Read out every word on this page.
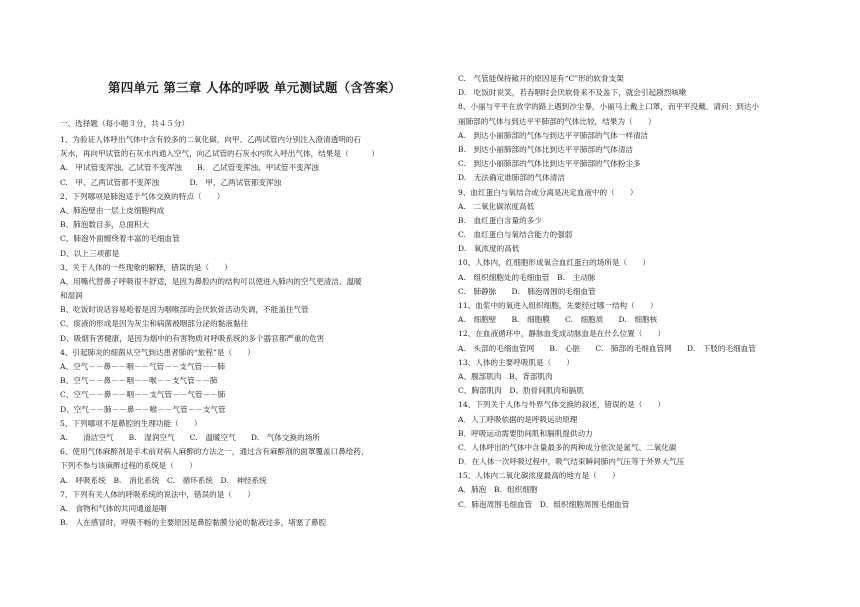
第四单元 第三章 人体的呼吸 单元测试题（含答案）
一、选择题（每小题３分，共４５分）
1、为验证人体呼出气体中含有较多的二氧化碳，向甲、乙两试管内分别注入澄清透明的石
灰水，再向甲试管的石灰水内通入空气，向乙试管的石灰水内吹入呼出气体，结果是（　　　）
A.　甲试管变浑浊、乙试管不变浑浊　　B.　乙试管变浑浊、甲试管不变浑浊
C.　甲、乙两试管都不变浑浊　　　　D.　甲、乙两试管都变浑浊
2、下列哪项是肺泡适于气体交换的特点（　　）
A、肺泡壁由一层上皮细胞构成
B、肺泡数目多，总面积大
C、肺泡外面缠绕着丰富的毛细血管
D、以上三项都是
3、关于人体的一些现象的解释，错误的是（　　）
A、用嘴代替鼻子呼吸很不舒适，是因为鼻腔内的结构可以使进入肺内的空气更清洁、温暖
和湿润
B、吃饭时说话容易呛着是因为咽喉部的会厌软骨活动失调，不能盖住气管
C、痰液的形成是因为灰尘和病菌被咽部分泌的黏液黏住
D、吸烟有害健康，是因为烟中的有害物质对呼吸系统的多个器官都严重的危害
4、引起肺炎的细菌从空气到达患者肺的“旅程”是（　　）
A、空气－－鼻－－咽－－气管－－支气管－－肺
B、空气－－鼻－－咽－－喉－－支气管－－肺
C、空气－－鼻－－咽－－支气管－－气管－－肺
D、空气－－肺－－鼻－－喉－－气管－－支气管
5、下列哪项不是鼻腔的生理功能（　　）
A.　　清洁空气　　B.　湿润空气　　C.　温暖空气　　D.　气体交换的场所
6、使用气体麻醉剂是手术前对病人麻醉的方法之一，通过含有麻醉剂的面罩覆盖口鼻给药，
下列不参与该麻醉过程的系统是（　　）
A.　呼吸系统　B.　消化系统　C.　循环系统　D.　神经系统
7、下列有关人体的呼吸系统的说法中，错误的是（　　）
A.　食物和气体的共同通道是咽
B.　人在感冒时，呼吸不畅的主要原因是鼻腔黏膜分泌的黏液过多，堵塞了鼻腔
C.　气管能保持敞开的原因是有“C”形的软骨支架
D.　吃饭时说笑，若吞咽时会厌软骨来不及盖下，就会引起剧烈咳嗽
8、小丽与平平在放学的路上遇到沙尘暴，小丽马上戴上口罩，而平平没戴．请问：到达小
丽肺部的气体与到达平平肺部的气体比较，结果为（　　）
A.　到达小丽肺部的气体与到达平平肺部的气体一样清洁
B.　到达小丽肺部的气体比到达平平肺部的气体清洁
C.　到达小丽肺部的气体比到达平平肺部的气体粉尘多
D.　无法确定谁肺部的气体清洁
9、血红蛋白与氧结合或分离是决定血液中的（　　）
A.　二氧化碳浓度高低
B.　血红蛋白含量的多少
C.　血红蛋白与氧结合能力的强弱
D.　氧浓度的高低
10、人体内，红细胞形成氧合血红蛋白的场所是（　　）
A.　组织细胞处的毛细血管　B.　主动脉
C.　肺静脉　　D.　肺泡周围的毛细血管
11、血浆中的氧进入组织细胞，先要经过哪一结构（　　）
A.　细胞壁　　B.　细胞膜　　C.　细胞质　　D.　细胞核
12、在血液循环中，静脉血变成动脉血是在什么位置（　　）
A.　头部的毛细血管网　　B.　心脏　　C.　肺部的毛细血管网　　D.　下肢的毛细血管
13、人体的主要呼吸肌是（　　）
A、腹部肌肉　B、背部肌肉
C、胸部肌肉　D、肋骨间肌肉和膈肌
14、下列关于人体与外界气体交换的叙述，错误的是（　　）
A．人工呼吸依据的是呼吸运动原理
B．呼吸运动需要肋间肌和膈肌提供动力
C．人体呼出的气体中含量最多的两种成分依次是氮气、二氧化碳
D．在人体一次呼吸过程中，吸气结束瞬间肺内气压等于外界大气压
15、人体内二氧化碳浓度最高的地方是（　　）
A．肺泡　B．组织细胞
C．肺泡周围毛细血管　D．组织细胞周围毛细血管
